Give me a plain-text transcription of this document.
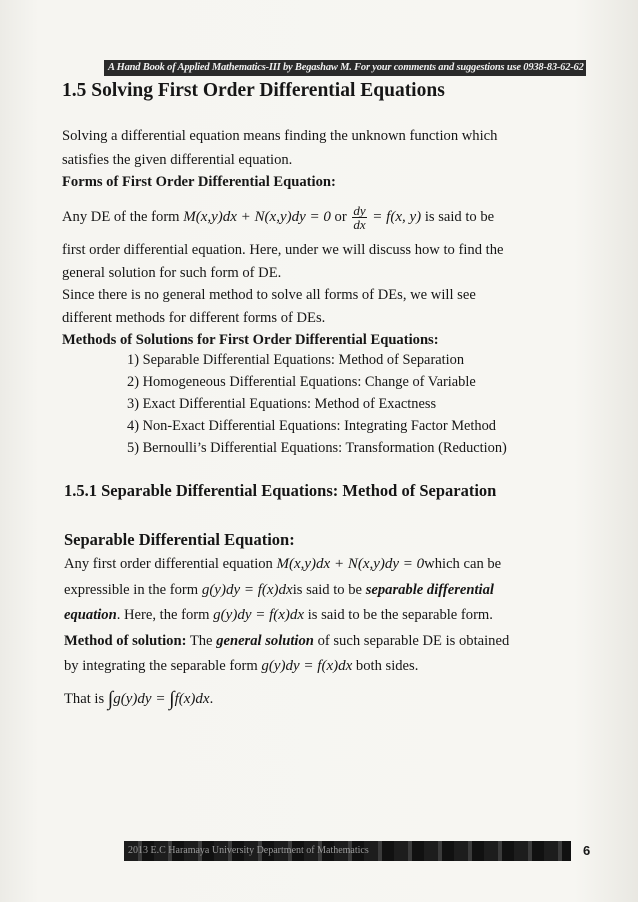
A Hand Book of Applied Mathematics-III by Begashaw M. For your comments and suggestions use 0938-83-62-62
1.5 Solving First Order Differential Equations
Solving a differential equation means finding the unknown function which
satisfies the given differential equation.
Forms of First Order Differential Equation:
Any DE of the form M(x,y)dx + N(x,y)dy = 0 or $\frac{dy}{dx} = f(x$, y) is said to be
first order differential equation. Here, under we will discuss how to find the
general solution for such form of DE.
Since there is no general method to solve all forms of DEs, we will see
different methods for different forms of DEs.
Methods of Solutions for First Order Differential Equations:
1) Separable Differential Equations: Method of Separation
2) Homogeneous Differential Equations: Change of Variable
3) Exact Differential Equations: Method of Exactness
4) Non-Exact Differential Equations: Integrating Factor Method
5) Bernoulli’s Differential Equations: Transformation (Reduction)
1.5.1 Separable Differential Equations: Method of Separation
Separable Differential Equation:
Any first order differential equation M(x,y)dx + N(x,y)dy = 0which can be
expressible in the form g(y)dy = f(x)dxis said to be separable differential
equation. Here, the form g(y)dy = f(x)dx is said to be the separable form.
Method of solution: The general solution of such separable DE is obtained
by integrating the separable form g(y)dy = f(x)dx both sides.
That is ∫g(y)dy = ∫f(x)dx.
2013 E.C Haramaya University Department of Mathematics	6
